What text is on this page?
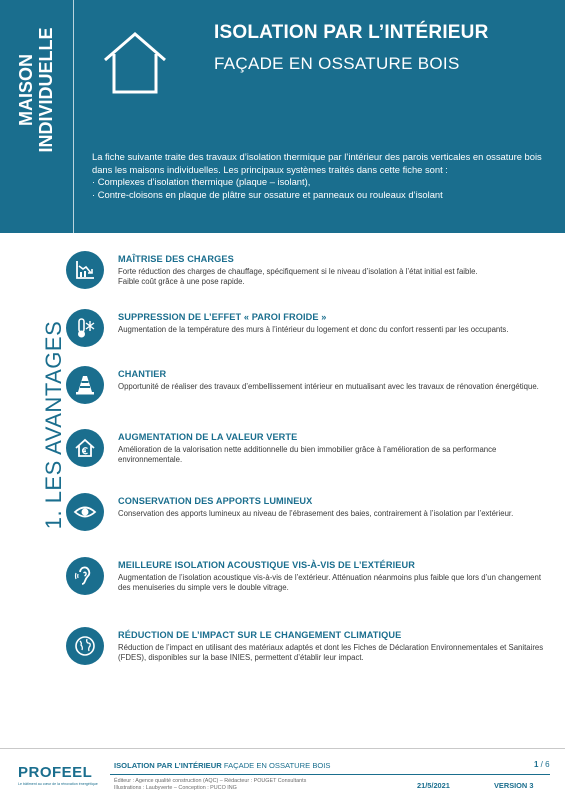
MAISON INDIVIDUELLE	ISOLATION PAR L’INTÉRIEUR
FAÇADE EN OSSATURE BOIS

La fiche suivante traite des travaux d’isolation thermique par l’intérieur des parois verticales en ossature bois dans les maisons individuelles. Les principaux systèmes traités dans cette fiche sont :

· Complexes d’isolation thermique (plaque – isolant),

· Contre-cloisons en plaque de plâtre sur ossature et panneaux ou rouleaux d’isolant

1. LES AVANTAGES
MAÎTRISE DES CHARGES

Forte réduction des charges de chauffage, spécifiquement si le niveau d’isolation à l’état initial est faible.

Faible coût grâce à une pose rapide.

SUPPRESSION DE L’EFFET « PAROI FROIDE »

Augmentation de la température des murs à l’intérieur du logement et donc du confort ressenti par les occupants.

CHANTIER

Opportunité de réaliser des travaux d’embellissement intérieur en mutualisant avec les travaux de rénovation énergétique.

AUGMENTATION DE LA VALEUR VERTE

Amélioration de la valorisation nette additionnelle du bien immobilier grâce à l’amélioration de sa performance environnementale.

CONSERVATION DES APPORTS LUMINEUX

Conservation des apports lumineux au niveau de l’ébrasement des baies, contrairement à l’isolation par l’extérieur.

MEILLEURE ISOLATION ACOUSTIQUE VIS-À-VIS DE L’EXTÉRIEUR

Augmentation de l’isolation acoustique vis-à-vis de l’extérieur. Atténuation néanmoins plus faible que lors d’un changement des menuiseries du simple vers le double vitrage.

RÉDUCTION DE L’IMPACT SUR LE CHANGEMENT CLIMATIQUE

Réduction de l’impact en utilisant des matériaux adaptés et dont les Fiches de Déclaration Environnementales et Sanitaires (FDES), disponibles sur la base INIES, permettent d’établir leur impact.

PROFEEL
Le bâtiment au cœur de la rénovation énergétique
ISOLATION PAR L’INTÉRIEUR FAÇADE EN OSSATURE BOIS	1 / 6
Éditeur : Agence qualité construction (AQC) – Rédacteur : POUGET Consultants
Illustrations : Laubyverte – Conception : PUCO ING	21/5/2021	VERSION 3
